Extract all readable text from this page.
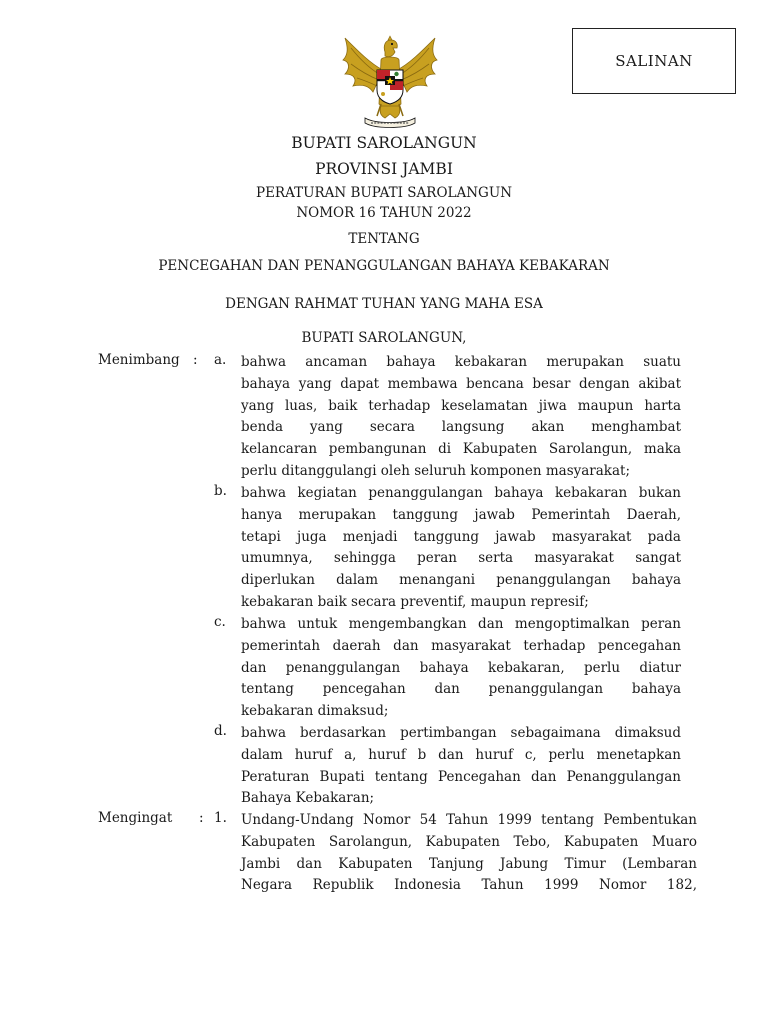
SALINAN
BUPATI SAROLANGUN
PROVINSI JAMBI
PERATURAN BUPATI SAROLANGUN
NOMOR 16 TAHUN 2022
TENTANG
PENCEGAHAN DAN PENANGGULANGAN BAHAYA KEBAKARAN
DENGAN RAHMAT TUHAN YANG MAHA ESA
BUPATI SAROLANGUN,
Menimbang : a. bahwa ancaman bahaya kebakaran merupakan suatu
bahaya yang dapat membawa bencana besar dengan akibat
yang luas, baik terhadap keselamatan jiwa maupun harta
benda yang secara langsung akan menghambat
kelancaran pembangunan di Kabupaten Sarolangun, maka
perlu ditanggulangi oleh seluruh komponen masyarakat;
b. bahwa kegiatan penanggulangan bahaya kebakaran bukan
hanya merupakan tanggung jawab Pemerintah Daerah,
tetapi juga menjadi tanggung jawab masyarakat pada
umumnya, sehingga peran serta masyarakat sangat
diperlukan dalam menangani penanggulangan bahaya
kebakaran baik secara preventif, maupun represif;
c. bahwa untuk mengembangkan dan mengoptimalkan peran
pemerintah daerah dan masyarakat terhadap pencegahan
dan penanggulangan bahaya kebakaran, perlu diatur
tentang pencegahan dan penanggulangan bahaya
kebakaran dimaksud;
d. bahwa berdasarkan pertimbangan sebagaimana dimaksud
dalam huruf a, huruf b dan huruf c, perlu menetapkan
Peraturan Bupati tentang Pencegahan dan Penanggulangan
Bahaya Kebakaran;
Mengingat : 1. Undang-Undang Nomor 54 Tahun 1999 tentang Pembentukan
Kabupaten Sarolangun, Kabupaten Tebo, Kabupaten Muaro
Jambi dan Kabupaten Tanjung Jabung Timur (Lembaran
Negara Republik Indonesia Tahun 1999 Nomor 182,
